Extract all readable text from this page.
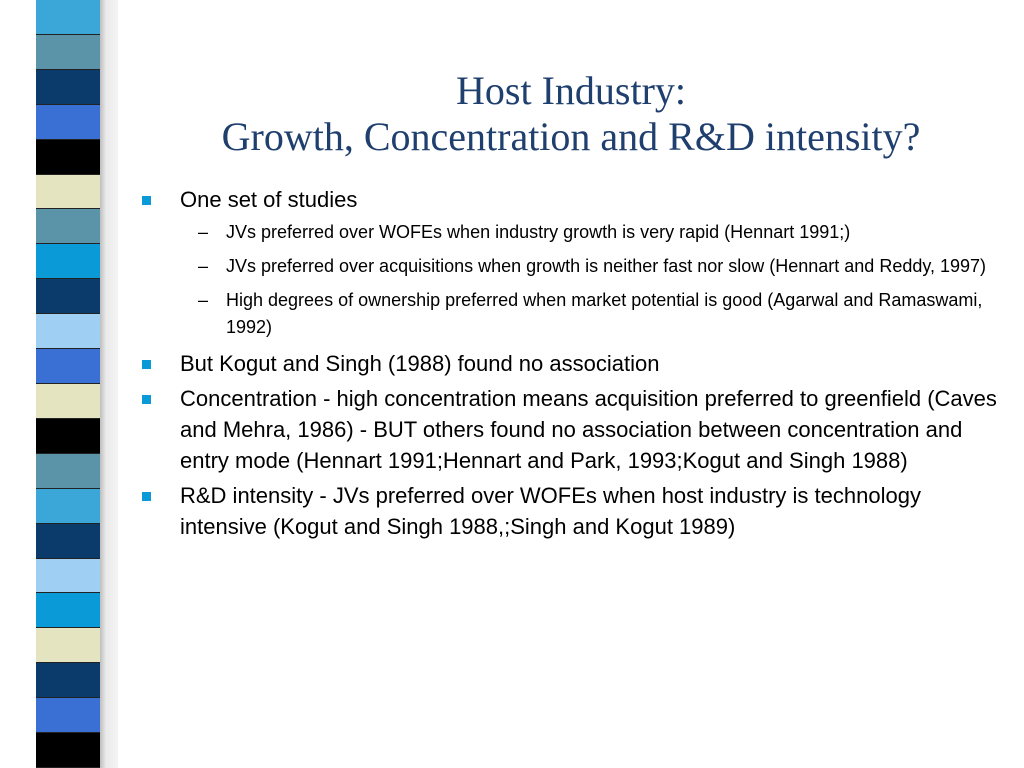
Host Industry:
Growth, Concentration and R&D intensity?
One set of studies
– JVs preferred over WOFEs when industry growth is very rapid (Hennart 1991;)
– JVs preferred over acquisitions when growth is neither fast nor slow (Hennart and Reddy, 1997)
– High degrees of ownership preferred when market potential is good (Agarwal and Ramaswami, 1992)
But Kogut and Singh (1988) found no association
Concentration - high concentration means acquisition preferred to greenfield (Caves and Mehra, 1986) - BUT others found no association between concentration and entry mode (Hennart 1991;Hennart and Park, 1993;Kogut and Singh 1988)
R&D intensity - JVs preferred over WOFEs when host industry is technology intensive (Kogut and Singh 1988,;Singh and Kogut 1989)
